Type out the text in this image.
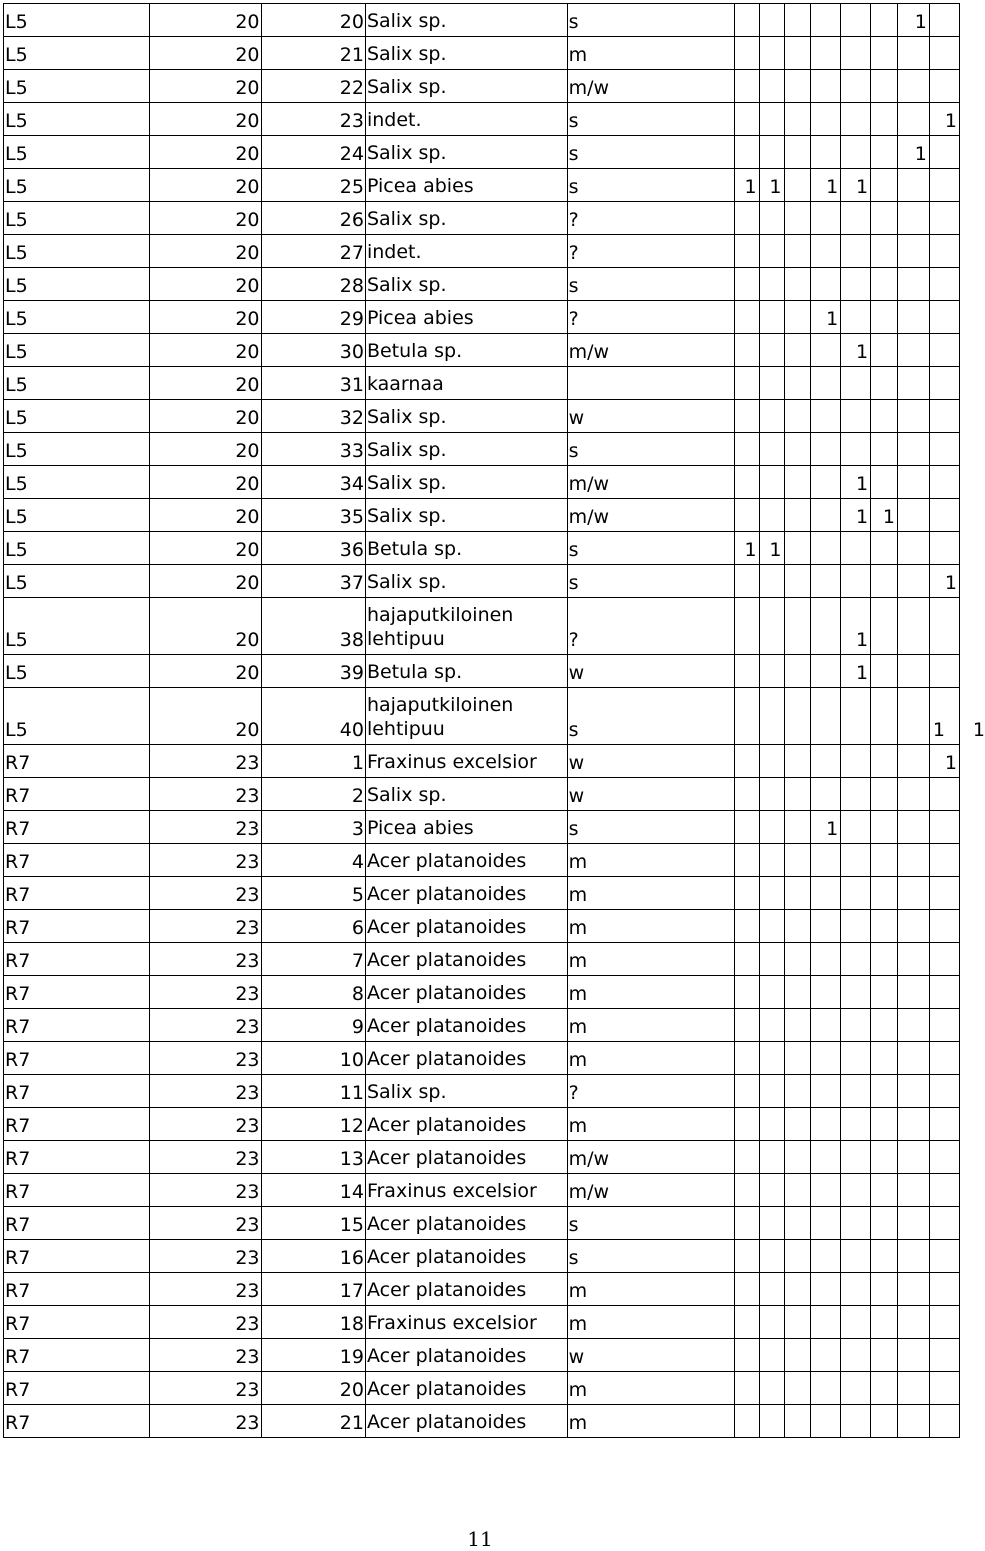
L5	20	20	Salix sp.	s							1	
L5	20	21	Salix sp.	m								
L5	20	22	Salix sp.	m/w								
L5	20	23	indet.	s								1
L5	20	24	Salix sp.	s							1	
L5	20	25	Picea abies	s	1	1		1	1			
L5	20	26	Salix sp.	?								
L5	20	27	indet.	?								
L5	20	28	Salix sp.	s								
L5	20	29	Picea abies	?				1				
L5	20	30	Betula sp.	m/w					1			
L5	20	31	kaarnaa									
L5	20	32	Salix sp.	w								
L5	20	33	Salix sp.	s								
L5	20	34	Salix sp.	m/w					1			
L5	20	35	Salix sp.	m/w					1	1		
L5	20	36	Betula sp.	s	1	1						
L5	20	37	Salix sp.	s								1
L5	20	38	hajaputkiloinen lehtipuu	?					1			
L5	20	39	Betula sp.	w					1			
L5	20	40	hajaputkiloinen lehtipuu	s								1 1
R7	23	1	Fraxinus excelsior	w								1
R7	23	2	Salix sp.	w								
R7	23	3	Picea abies	s				1				
R7	23	4	Acer platanoides	m								
R7	23	5	Acer platanoides	m								
R7	23	6	Acer platanoides	m								
R7	23	7	Acer platanoides	m								
R7	23	8	Acer platanoides	m								
R7	23	9	Acer platanoides	m								
R7	23	10	Acer platanoides	m								
R7	23	11	Salix sp.	?								
R7	23	12	Acer platanoides	m								
R7	23	13	Acer platanoides	m/w								
R7	23	14	Fraxinus excelsior	m/w								
R7	23	15	Acer platanoides	s								
R7	23	16	Acer platanoides	s								
R7	23	17	Acer platanoides	m								
R7	23	18	Fraxinus excelsior	m								
R7	23	19	Acer platanoides	w								
R7	23	20	Acer platanoides	m								
R7	23	21	Acer platanoides	m								
11
